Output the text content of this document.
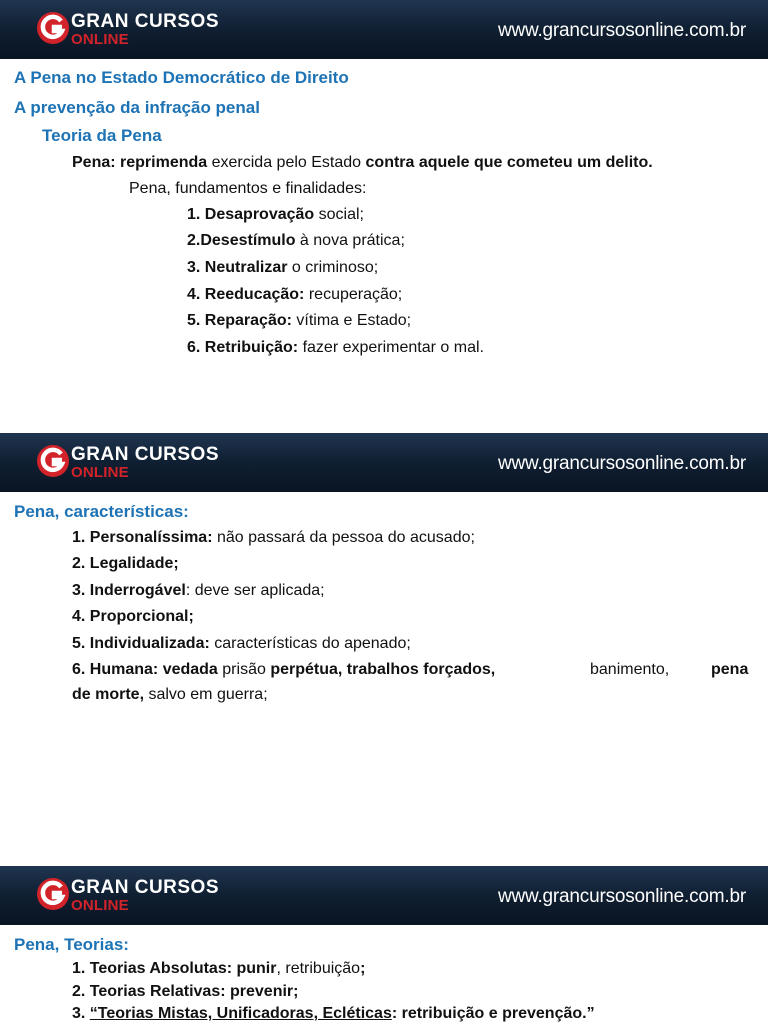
GRAN CURSOS
ONLINE	www.grancursosonline.com.br
A Pena no Estado Democrático de Direito
A prevenção da infração penal
Teoria da Pena
Pena: reprimenda exercida pelo Estado contra aquele que cometeu um delito.
Pena, fundamentos e finalidades:
1. Desaprovação social;
2.Desestímulo à nova prática;
3. Neutralizar o criminoso;
4. Reeducação: recuperação;
5. Reparação: vítima e Estado;
6. Retribuição: fazer experimentar o mal.
GRAN CURSOS
ONLINE	www.grancursosonline.com.br
Pena, características:
1. Personalíssima: não passará da pessoa do acusado;
2. Legalidade;
3. Inderrogável: deve ser aplicada;
4. Proporcional;
5. Individualizada: características do apenado;
6. Humana: vedada prisão perpétua, trabalhos forçados,	banimento,	pena
de morte, salvo em guerra;
GRAN CURSOS
ONLINE	www.grancursosonline.com.br
Pena, Teorias:
1. Teorias Absolutas: punir, retribuição;
2. Teorias Relativas: prevenir;
3. “Teorias Mistas, Unificadoras, Ecléticas: retribuição e prevenção.”
